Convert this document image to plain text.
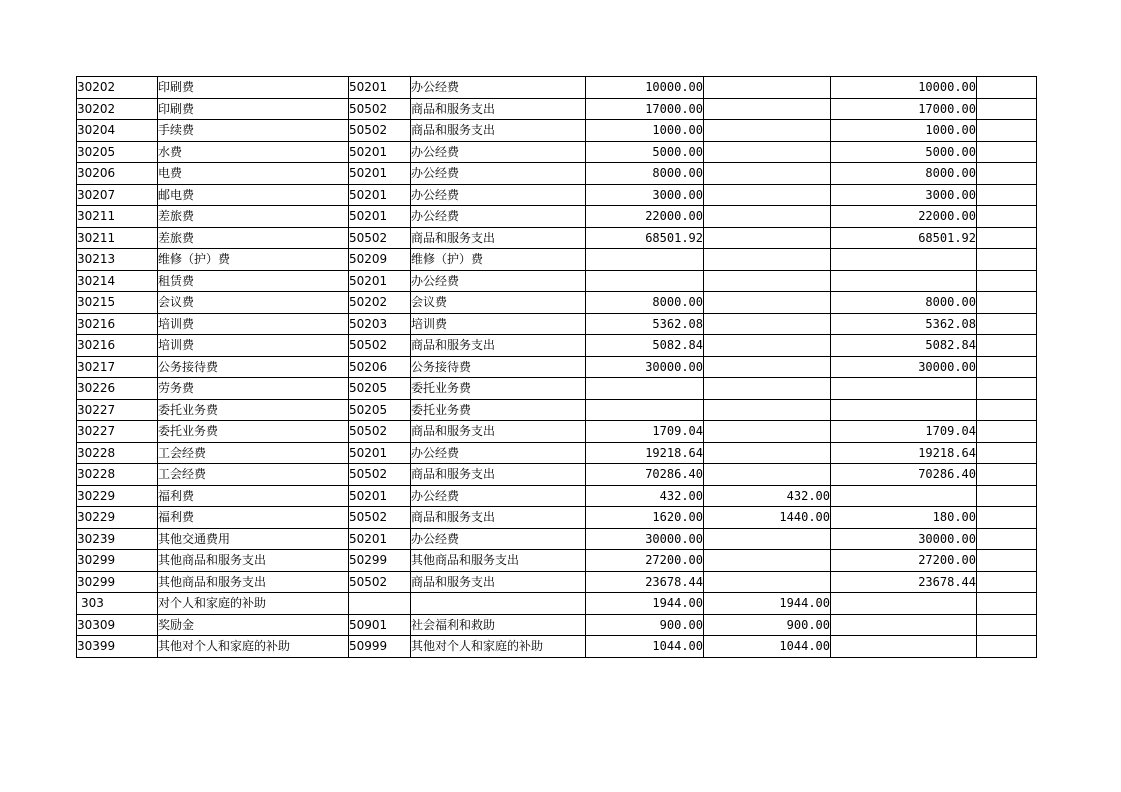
30202	印刷费	50201	办公经费	10000.00		10000.00	
30202	印刷费	50502	商品和服务支出	17000.00		17000.00	
30204	手续费	50502	商品和服务支出	1000.00		1000.00	
30205	水费	50201	办公经费	5000.00		5000.00	
30206	电费	50201	办公经费	8000.00		8000.00	
30207	邮电费	50201	办公经费	3000.00		3000.00	
30211	差旅费	50201	办公经费	22000.00		22000.00	
30211	差旅费	50502	商品和服务支出	68501.92		68501.92	
30213	维修（护）费	50209	维修（护）费				
30214	租赁费	50201	办公经费				
30215	会议费	50202	会议费	8000.00		8000.00	
30216	培训费	50203	培训费	5362.08		5362.08	
30216	培训费	50502	商品和服务支出	5082.84		5082.84	
30217	公务接待费	50206	公务接待费	30000.00		30000.00	
30226	劳务费	50205	委托业务费				
30227	委托业务费	50205	委托业务费				
30227	委托业务费	50502	商品和服务支出	1709.04		1709.04	
30228	工会经费	50201	办公经费	19218.64		19218.64	
30228	工会经费	50502	商品和服务支出	70286.40		70286.40	
30229	福利费	50201	办公经费	432.00	432.00		
30229	福利费	50502	商品和服务支出	1620.00	1440.00	180.00	
30239	其他交通费用	50201	办公经费	30000.00		30000.00	
30299	其他商品和服务支出	50299	其他商品和服务支出	27200.00		27200.00	
30299	其他商品和服务支出	50502	商品和服务支出	23678.44		23678.44	
303	对个人和家庭的补助			1944.00	1944.00		
30309	奖励金	50901	社会福利和救助	900.00	900.00		
30399	其他对个人和家庭的补助	50999	其他对个人和家庭的补助	1044.00	1044.00		
